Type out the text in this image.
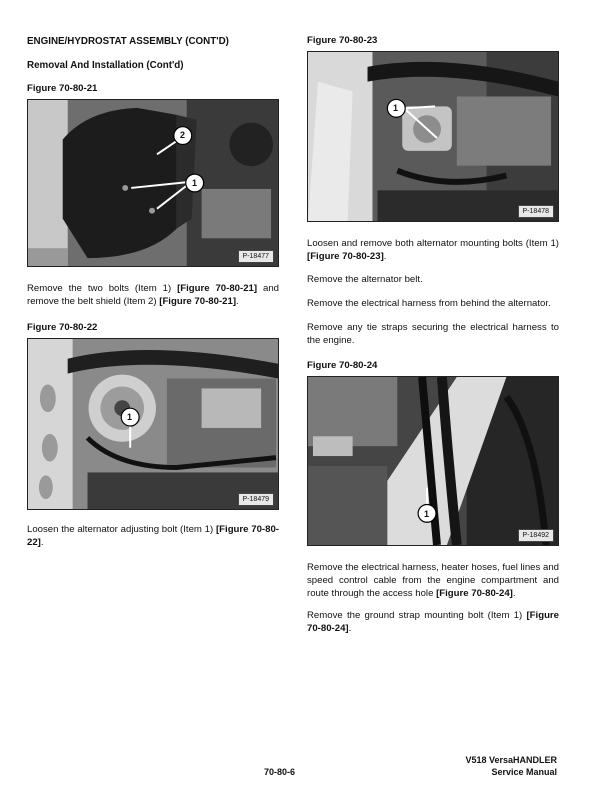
ENGINE/HYDROSTAT ASSEMBLY (CONT'D)
Removal And Installation (Cont'd)
Figure 70-80-21
2
1
P-18477
Remove the two bolts (Item 1) [Figure 70-80-21] and remove the belt shield (Item 2) [Figure 70-80-21].
Figure 70-80-22
1
P-18479
Loosen the alternator adjusting bolt (Item 1) [Figure 70-80-22].
Figure 70-80-23
1
P-18478
Loosen and remove both alternator mounting bolts (Item 1) [Figure 70-80-23].
Remove the alternator belt.
Remove the electrical harness from behind the alternator.
Remove any tie straps securing the electrical harness to the engine.
Figure 70-80-24
1
P-18492
Remove the electrical harness, heater hoses, fuel lines and speed control cable from the engine compartment and route through the access hole [Figure 70-80-24].
Remove the ground strap mounting bolt (Item 1) [Figure 70-80-24].
70-80-6
V518 VersaHANDLER
Service Manual
